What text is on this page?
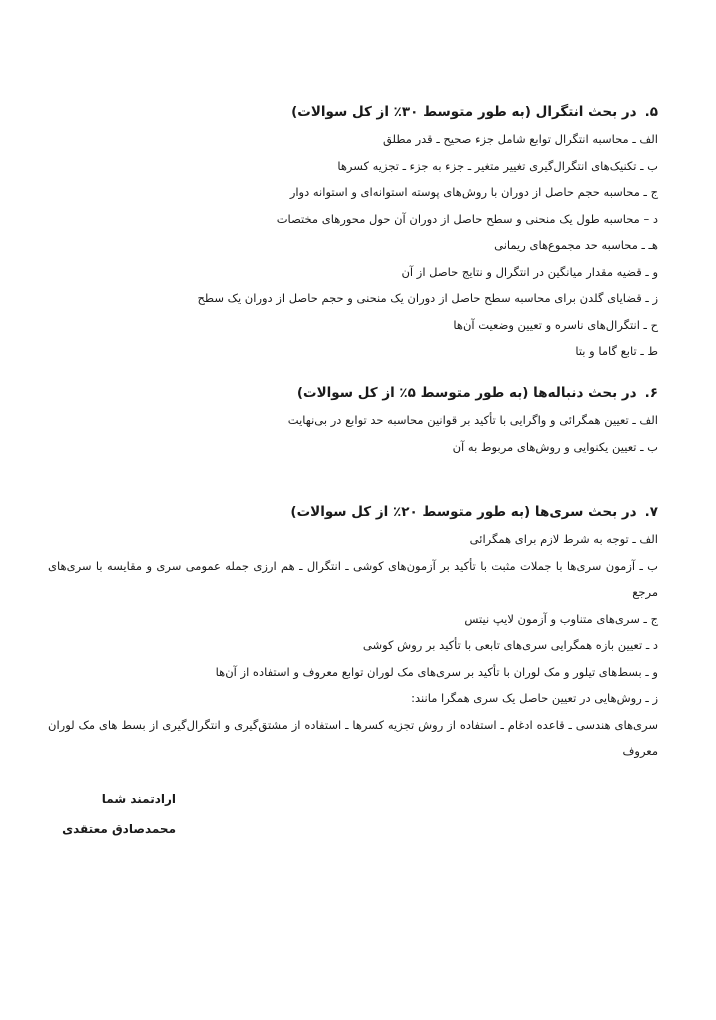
۵.
در بحث انتگرال (به طور متوسط ۳۰٪ از کل سوالات)
الف ـ محاسبه انتگرال توابع شامل جزء صحیح ـ قدر مطلق
ب ـ تکنیک‌های انتگرال‌گیری تغییر متغیر ـ جزء به جزء ـ تجزیه کسرها
ج ـ محاسبه حجم حاصل از دوران با روش‌های پوسته استوانه‌ای و استوانه دوار
د – محاسبه طول یک منحنی و سطح حاصل از دوران آن حول محورهای مختصات
هـ ـ محاسبه حد مجموع‌های ریمانی
و ـ قضیه مقدار میانگین در انتگرال و نتایج حاصل از آن
ز ـ قضایای گلدن برای محاسبه سطح حاصل از دوران یک منحنی و حجم حاصل از دوران یک سطح
ح ـ انتگرال‌های ناسره و تعیین وضعیت آن‌ها
ط ـ تابع گاما و بتا
۶.
در بحث دنباله‌ها (به طور متوسط ۵٪ از کل سوالات)
الف ـ تعیین همگرائی و واگرایی با تأکید بر قوانین محاسبه حد توابع در بی‌نهایت
ب ـ تعیین یکنوایی و روش‌های مربوط به آن
۷.
در بحث سری‌ها (به طور متوسط ۲۰٪ از کل سوالات)
الف ـ توجه به شرط لازم برای همگرائی
ب ـ آزمون سری‌ها با جملات مثبت با تأکید بر آزمون‌های کوشی ـ انتگرال ـ هم ارزی جمله عمومی سری و مقایسه با سری‌های مرجع
ج ـ سری‌های متناوب و آزمون لایپ نیتس
د ـ تعیین بازه همگرایی سری‌های تابعی با تأکید بر روش کوشی
و ـ بسط‌های تیلور و مک لوران با تأکید بر سری‌های مک لوران توابع معروف و استفاده از آن‌ها
ز ـ روش‌هایی در تعیین حاصل یک سری همگرا مانند:
سری‌های هندسی ـ قاعده ادغام ـ استفاده از روش تجزیه کسرها ـ استفاده از مشتق‌گیری و انتگرال‌گیری از بسط های مک لوران معروف
ارادتمند شما
محمدصادق معتقدی
